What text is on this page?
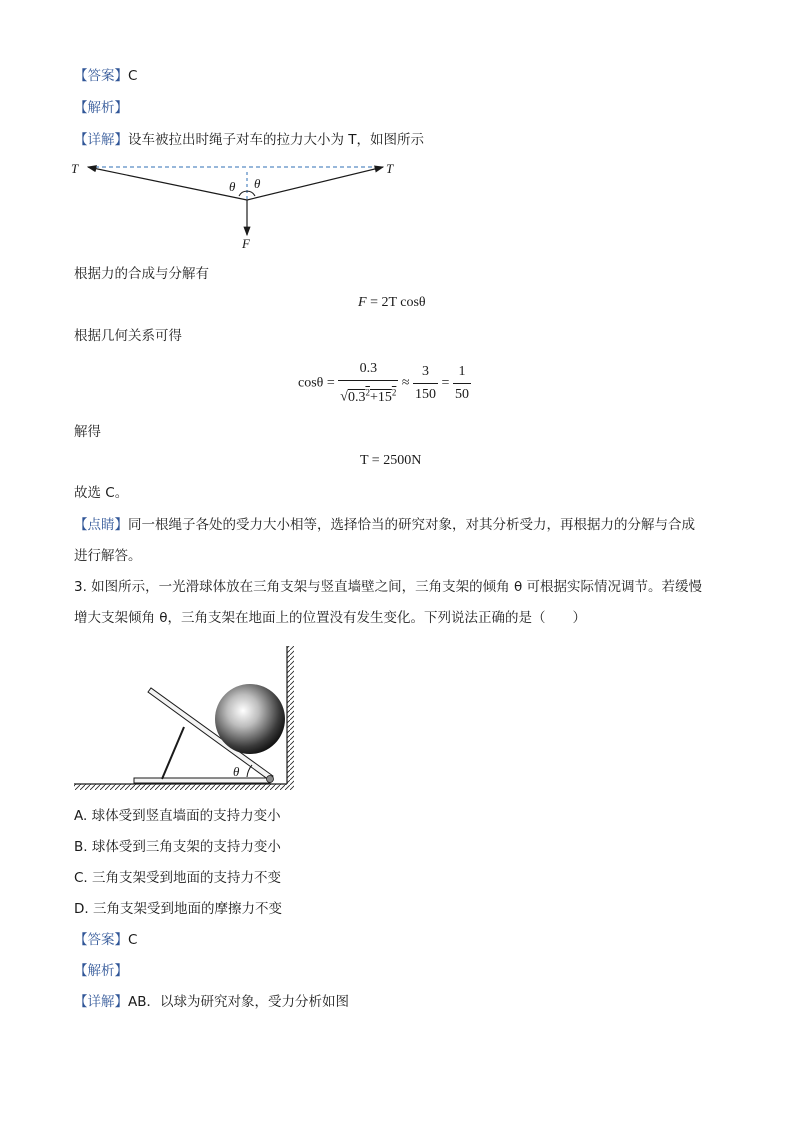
【答案】C
【解析】
【详解】设车被拉出时绳子对车的拉力大小为 T，如图所示
T	T
θ θ
F
根据力的合成与分解有
F = 2T cosθ
根据几何关系可得
$\cos\theta = \frac{0.3}{√0.3^2+15^2} \approx \frac{3}{150} = \frac{1}{50}$
解得
T = 2500N
故选 C。
【点睛】同一根绳子各处的受力大小相等，选择恰当的研究对象，对其分析受力，再根据力的分解与合成
进行解答。
3. 如图所示，一光滑球体放在三角支架与竖直墙壁之间，三角支架的倾角 θ 可根据实际情况调节。若缓慢
增大支架倾角 θ，三角支架在地面上的位置没有发生变化。下列说法正确的是（　　）
θ
A. 球体受到竖直墙面的支持力变小
B. 球体受到三角支架的支持力变小
C. 三角支架受到地面的支持力不变
D. 三角支架受到地面的摩擦力不变
【答案】C
【解析】
【详解】AB．以球为研究对象，受力分析如图
